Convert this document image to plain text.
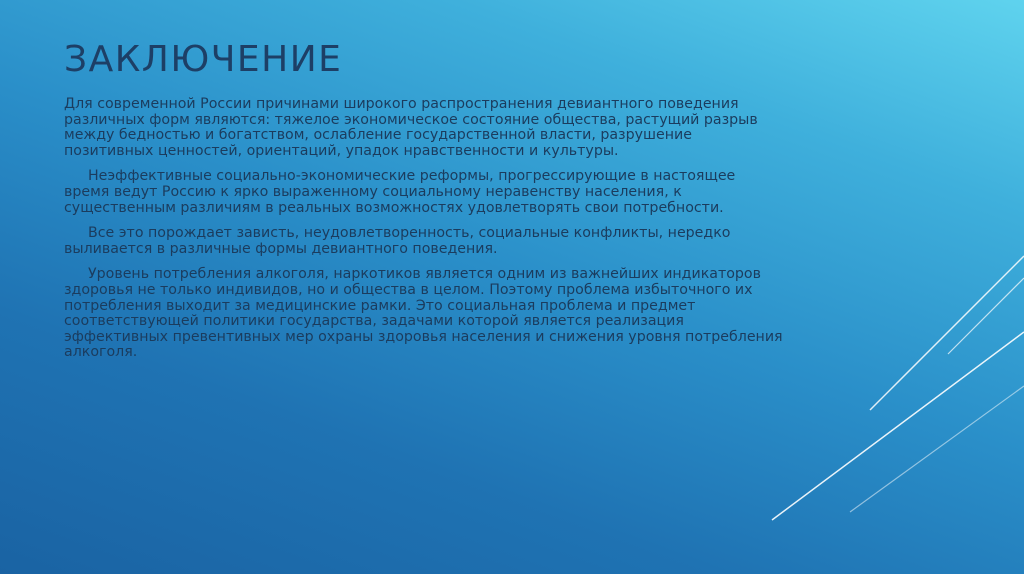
ЗАКЛЮЧЕНИЕ

Для современной России причинами широкого распространения девиантного поведения различных форм являются: тяжелое экономическое состояние общества, растущий разрыв между бедностью и богатством, ослабление государственной власти, разрушение позитивных ценностей, ориентаций, упадок нравственности и культуры.

Неэффективные социально-экономические реформы, прогрессирующие в настоящее время ведут Россию к ярко выраженному социальному неравенству населения, к существенным различиям в реальных возможностях удовлетворять свои потребности.

Все это порождает зависть, неудовлетворенность, социальные конфликты, нередко выливается в различные формы девиантного поведения.

Уровень потребления алкоголя, наркотиков является одним из важнейших индикаторов здоровья не только индивидов, но и общества в целом. Поэтому проблема избыточного их потребления выходит за медицинские рамки. Это социальная проблема и предмет соответствующей политики государства, задачами которой является реализация эффективных превентивных мер охраны здоровья населения и снижения уровня потребления алкоголя.
